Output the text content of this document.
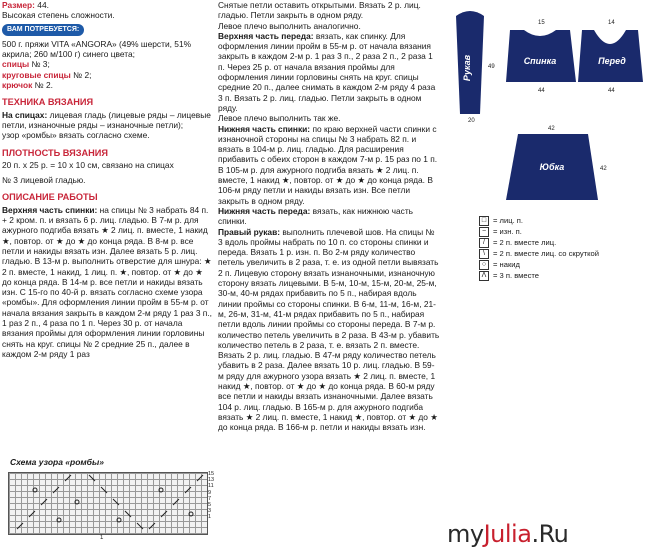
Размер: 44.

Высокая степень сложности.

ВАМ ПОТРЕБУЕТСЯ:

500 г. пряжи VITA «ANGORA» (49% шерсти, 51% акрила; 260 м/100 г) синего цвета;

спицы № 3;

круговые спицы № 2;

крючок № 2.

ТЕХНИКА ВЯЗАНИЯ

На спицах: лицевая гладь (лицевые ряды – лицевые петли, изнаночные ряды – изнаночные петли);

узор «ромбы» вязать согласно схеме.

ПЛОТНОСТЬ ВЯЗАНИЯ

20 п. х 25 р. = 10 х 10 см, связано на спицах

№ 3 лицевой гладью.

ОПИСАНИЕ РАБОТЫ

Верхняя часть спинки: на спицы № 3 набрать 84 п. + 2 кром. п. и вязать 6 р. лиц. гладью. В 7-м р. для ажурного подгиба вязать ★ 2 лиц. п. вместе, 1 накид ★, повтор. от ★ до ★ до конца ряда. В 8-м р. все петли и накиды вязать изн. Далее вязать 5 р. лиц. гладью. В 13-м р. выполнить отверстие для шнура: ★ 2 п. вместе, 1 накид, 1 лиц. п. ★, повтор. от ★ до ★ до конца ряда. В 14-м р. все петли и накиды вязать изн. С 15-го по 40-й р. вязать согласно схеме узора «ромбы». Для оформления линии пройм в 55-м р. от начала вязания закрыть в каждом 2-м ряду 1 раз 3 п., 1 раз 2 п., 4 раза по 1 п. Через 30 р. от начала вязания проймы для оформления линии горловины снять на круг. спицы № 2 средние 25 п., далее в каждом 2-м ряду 1 раз

Снятые петли оставить открытыми. Вязать 2 р. лиц. гладью. Петли закрыть в одном ряду.

Левое плечо выполнить аналогично.

Верхняя часть переда: вязать, как спинку. Для оформления линии пройм в 55-м р. от начала вязания закрыть в каждом 2-м р. 1 раз 3 п., 2 раза 2 п., 2 раза 1 п. Через 25 р. от начала вязания проймы для оформления линии горловины снять на круг. спицы средние 20 п., далее снимать в каждом 2-м ряду 4 раза 3 п. Вязать 2 р. лиц. гладью. Петли закрыть в одном ряду.

Левое плечо выполнить так же.

Нижняя часть спинки: по краю верхней части спинки с изнаночной стороны на спицы № 3 набрать 82 п. и вязать в 104-м р. лиц. гладью. Для расширения прибавить с обеих сторон в каждом 7-м р. 15 раз по 1 п.

В 105-м р. для ажурного подгиба вязать ★ 2 лиц. п. вместе, 1 накид ★, повтор. от ★ до ★ до конца ряда. В 106-м ряду петли и накиды вязать изн. Все петли закрыть в одном ряду.

Нижняя часть переда: вязать, как нижнюю часть спинки.

Правый рукав: выполнить плечевой шов. На спицы № 3 вдоль проймы набрать по 10 п. со стороны спинки и переда. Вязать 1 р. изн. п. Во 2-м ряду количество петель увеличить в 2 раза, т. е. из одной петли вывязать 2 п. Лицевую сторону вязать изнаночными, изнаночную сторону вязать лицевыми. В 5-м, 10-м, 15-м, 20-м, 25-м, 30-м, 40-м рядах прибавить по 5 п., набирая вдоль линии проймы со стороны спинки. В 6-м, 11-м, 16-м, 21-м, 26-м, 31-м, 41-м рядах прибавить по 5 п., набирая петли вдоль линии проймы со стороны переда. В 7-м р. количество петель увеличить в 2 раза. В 43-м р. убавить количество петель в 2 раза, т. е. вязать 2 п. вместе. Вязать 2 р. лиц. гладью. В 47-м ряду количество петель убавить в 2 раза. Далее вязать 10 р. лиц. гладью. В 59-м ряду для ажурного узора вязать ★ 2 лиц. п. вместе, 1 накид ★, повтор. от ★ до ★ до конца ряда. В 60-м ряду все петли и накиды вязать изнаночными. Далее вязать 104 р. лиц. гладью. В 165-м р. для ажурного подгиба вязать ★ 2 лиц. п. вместе, 1 накид ★, повтор. от ★ до ★ до конца ряда. В 166-м р. петли и накиды вязать изн.

Схема узора «ромбы»
15
13
11
9
7
5
3
1
1
Рукав
20
49
Спинка
15
44
Перед
14
44
Юбка
42
42
□ = лиц. п.
− = изн. п.
/	= 2 п. вместе лиц.
\	= 2 п. вместе лиц. со скруткой
○ = накид
Λ = 3 п. вместе
myJulia.Ru
